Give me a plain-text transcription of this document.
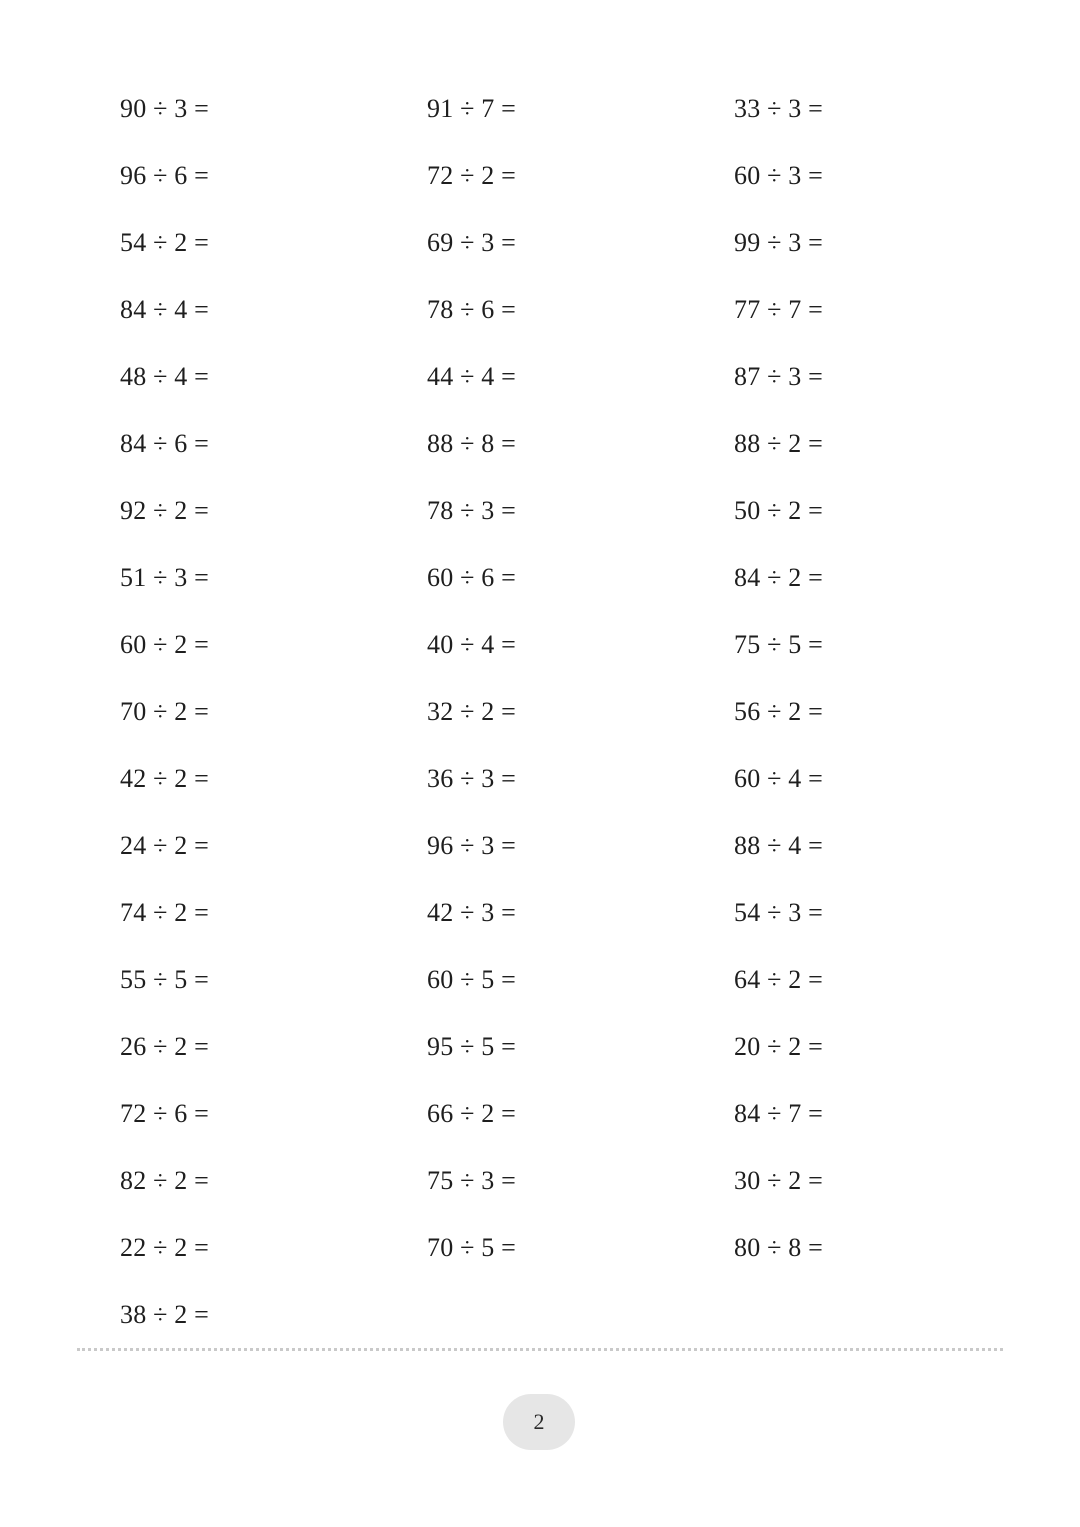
90 ÷ 3 =	91 ÷ 7 =	33 ÷ 3 =
96 ÷ 6 =	72 ÷ 2 =	60 ÷ 3 =
54 ÷ 2 =	69 ÷ 3 =	99 ÷ 3 =
84 ÷ 4 =	78 ÷ 6 =	77 ÷ 7 =
48 ÷ 4 =	44 ÷ 4 =	87 ÷ 3 =
84 ÷ 6 =	88 ÷ 8 =	88 ÷ 2 =
92 ÷ 2 =	78 ÷ 3 =	50 ÷ 2 =
51 ÷ 3 =	60 ÷ 6 =	84 ÷ 2 =
60 ÷ 2 =	40 ÷ 4 =	75 ÷ 5 =
70 ÷ 2 =	32 ÷ 2 =	56 ÷ 2 =
42 ÷ 2 =	36 ÷ 3 =	60 ÷ 4 =
24 ÷ 2 =	96 ÷ 3 =	88 ÷ 4 =
74 ÷ 2 =	42 ÷ 3 =	54 ÷ 3 =
55 ÷ 5 =	60 ÷ 5 =	64 ÷ 2 =
26 ÷ 2 =	95 ÷ 5 =	20 ÷ 2 =
72 ÷ 6 =	66 ÷ 2 =	84 ÷ 7 =
82 ÷ 2 =	75 ÷ 3 =	30 ÷ 2 =
22 ÷ 2 =	70 ÷ 5 =	80 ÷ 8 =
38 ÷ 2 =
2
